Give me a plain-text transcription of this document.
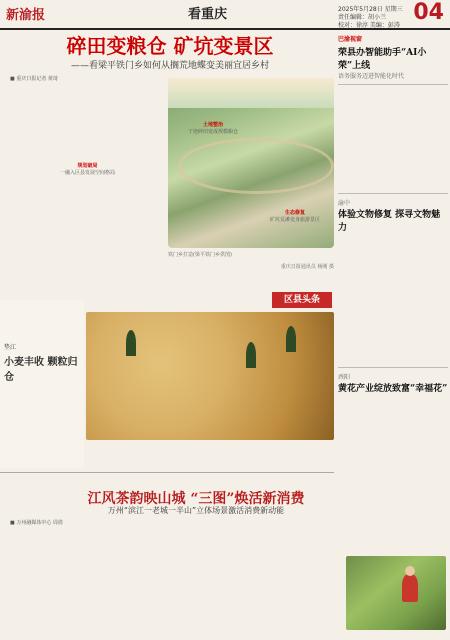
新渝报	看重庆	2025年5月28日 星期三
责任编辑：胡小兰
校对：徐淳 美编：彭涛
04
碎田变粮仓 矿坑变景区
——看梁平铁门乡如何从搁荒地蝶变美丽宜居乡村
■ 重庆日报记者 黄琦
规划破局
一融入区县发展空间格局
铁门乡打造(梁平铁门乡供图)
土地整治
干迹碎田变成规模粮仓
生态修复
矿坑荒滩变身旅游景区
重庆日报通讯员 杨刚 摄
区县头条
垫江
小麦丰收 颗粒归仓
江风茶韵映山城 “三图”焕活新消费
万州“滨江一老城一半山”立体场景激活消费新动能
■ 万州融媒体中心 周倩
巴渝视窗
荣县办智能助手“AI小荣”上线
语务服务迈进智能化时代
渝中
体验文物修复 探寻文物魅力
酉阳
黄花产业绽放致富“幸福花”
